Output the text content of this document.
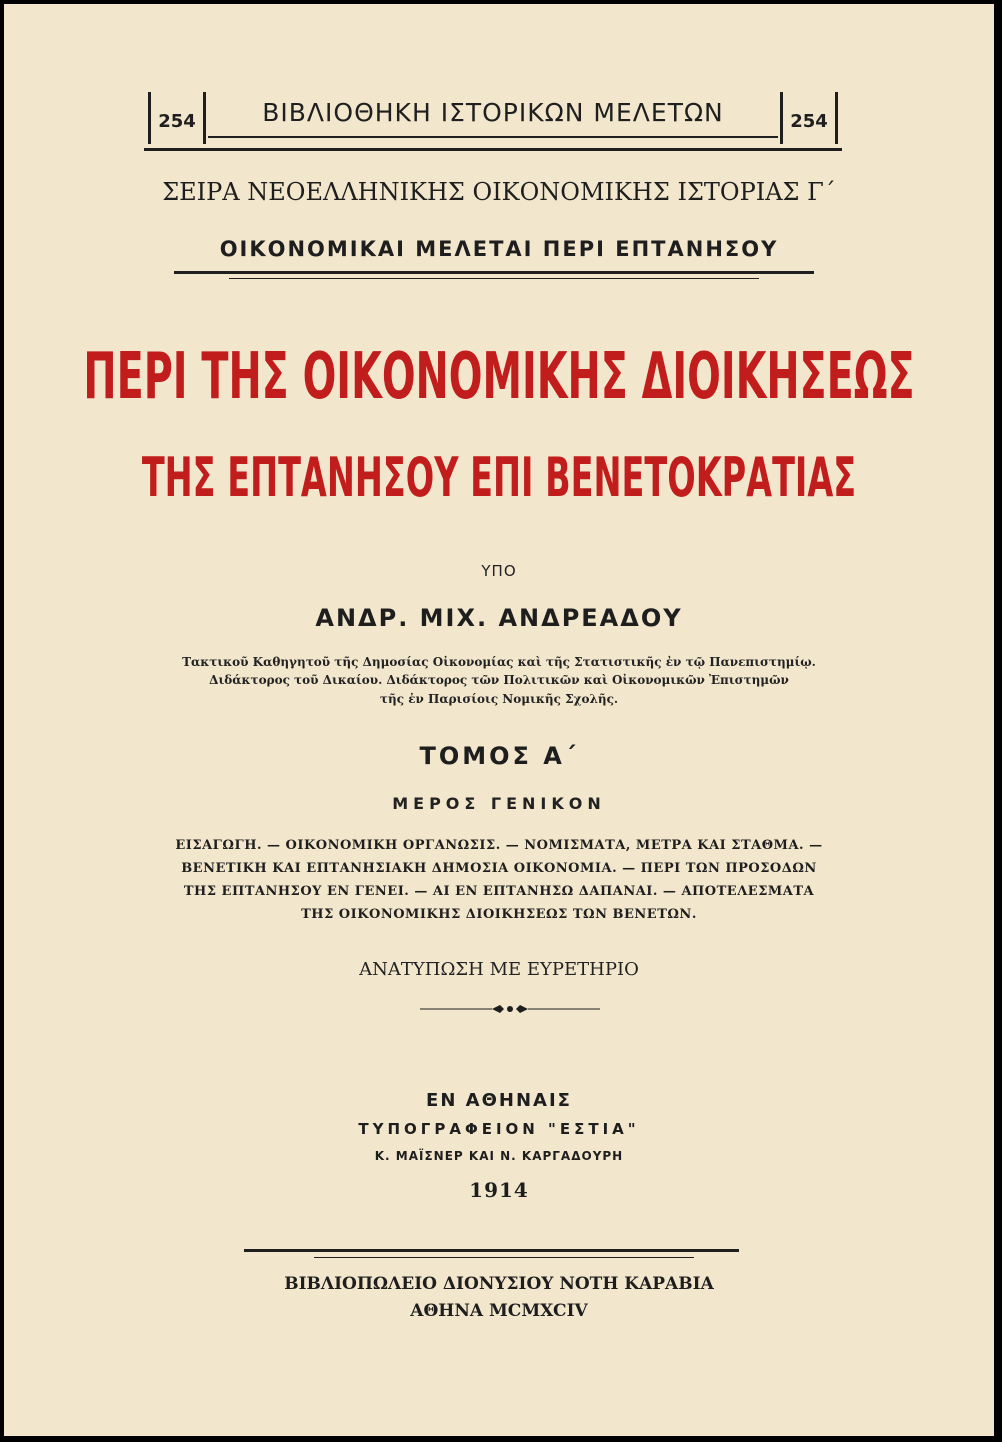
254	ΒΙΒΛΙΟΘΗΚΗ ΙΣΤΟΡΙΚΩΝ ΜΕΛΕΤΩΝ	254
ΣΕΙΡΑ ΝΕΟΕΛΛΗΝΙΚΗΣ ΟΙΚΟΝΟΜΙΚΗΣ ΙΣΤΟΡΙΑΣ Γ΄
ΟΙΚΟΝΟΜΙΚΑΙ ΜΕΛΕΤΑΙ ΠΕΡΙ ΕΠΤΑΝΗΣΟΥ
ΠΕΡΙ ΤΗΣ ΟΙΚΟΝΟΜΙΚΗΣ ΔΙΟΙΚΗΣΕΩΣ
ΤΗΣ ΕΠΤΑΝΗΣΟΥ ΕΠΙ ΒΕΝΕΤΟΚΡΑΤΙΑΣ
ΥΠΟ
ΑΝΔΡ. ΜΙΧ. ΑΝΔΡΕΑΔΟΥ
Τακτικοῦ Καθηγητοῦ τῆς Δημοσίας Οἰκονομίας καὶ τῆς Στατιστικῆς ἐν τῷ Πανεπιστημίῳ.
Διδάκτορος τοῦ Δικαίου. Διδάκτορος τῶν Πολιτικῶν καὶ Οἰκονομικῶν Ἐπιστημῶν
τῆς ἐν Παρισίοις Νομικῆς Σχολῆς.
ΤΟΜΟΣ Α΄
ΜΕΡΟΣ ΓΕΝΙΚΟΝ
ΕΙΣΑΓΩΓΗ. — ΟΙΚΟΝΟΜΙΚΗ ΟΡΓΑΝΩΣΙΣ. — ΝΟΜΙΣΜΑΤΑ, ΜΕΤΡΑ ΚΑΙ ΣΤΑΘΜΑ. —
ΒΕΝΕΤΙΚΗ ΚΑΙ ΕΠΤΑΝΗΣΙΑΚΗ ΔΗΜΟΣΙΑ ΟΙΚΟΝΟΜΙΑ. — ΠΕΡΙ ΤΩΝ ΠΡΟΣΟΔΩΝ
ΤΗΣ ΕΠΤΑΝΗΣΟΥ ΕΝ ΓΕΝΕΙ. — ΑΙ ΕΝ ΕΠΤΑΝΗΣΩ ΔΑΠΑΝΑΙ. — ΑΠΟΤΕΛΕΣΜΑΤΑ
ΤΗΣ ΟΙΚΟΝΟΜΙΚΗΣ ΔΙΟΙΚΗΣΕΩΣ ΤΩΝ ΒΕΝΕΤΩΝ.
ΑΝΑΤΥΠΩΣΗ ΜΕ ΕΥΡΕΤΗΡΙΟ
ΕΝ ΑΘΗΝΑΙΣ
ΤΥΠΟΓΡΑΦΕΙΟΝ "ΕΣΤΙΑ"
Κ. ΜΑΪΣΝΕΡ ΚΑΙ Ν. ΚΑΡΓΑΔΟΥΡΗ
1914
ΒΙΒΛΙΟΠΩΛΕΙΟ ΔΙΟΝΥΣΙΟΥ ΝΟΤΗ ΚΑΡΑΒΙΑ
ΑΘΗΝΑ MCMXCIV
